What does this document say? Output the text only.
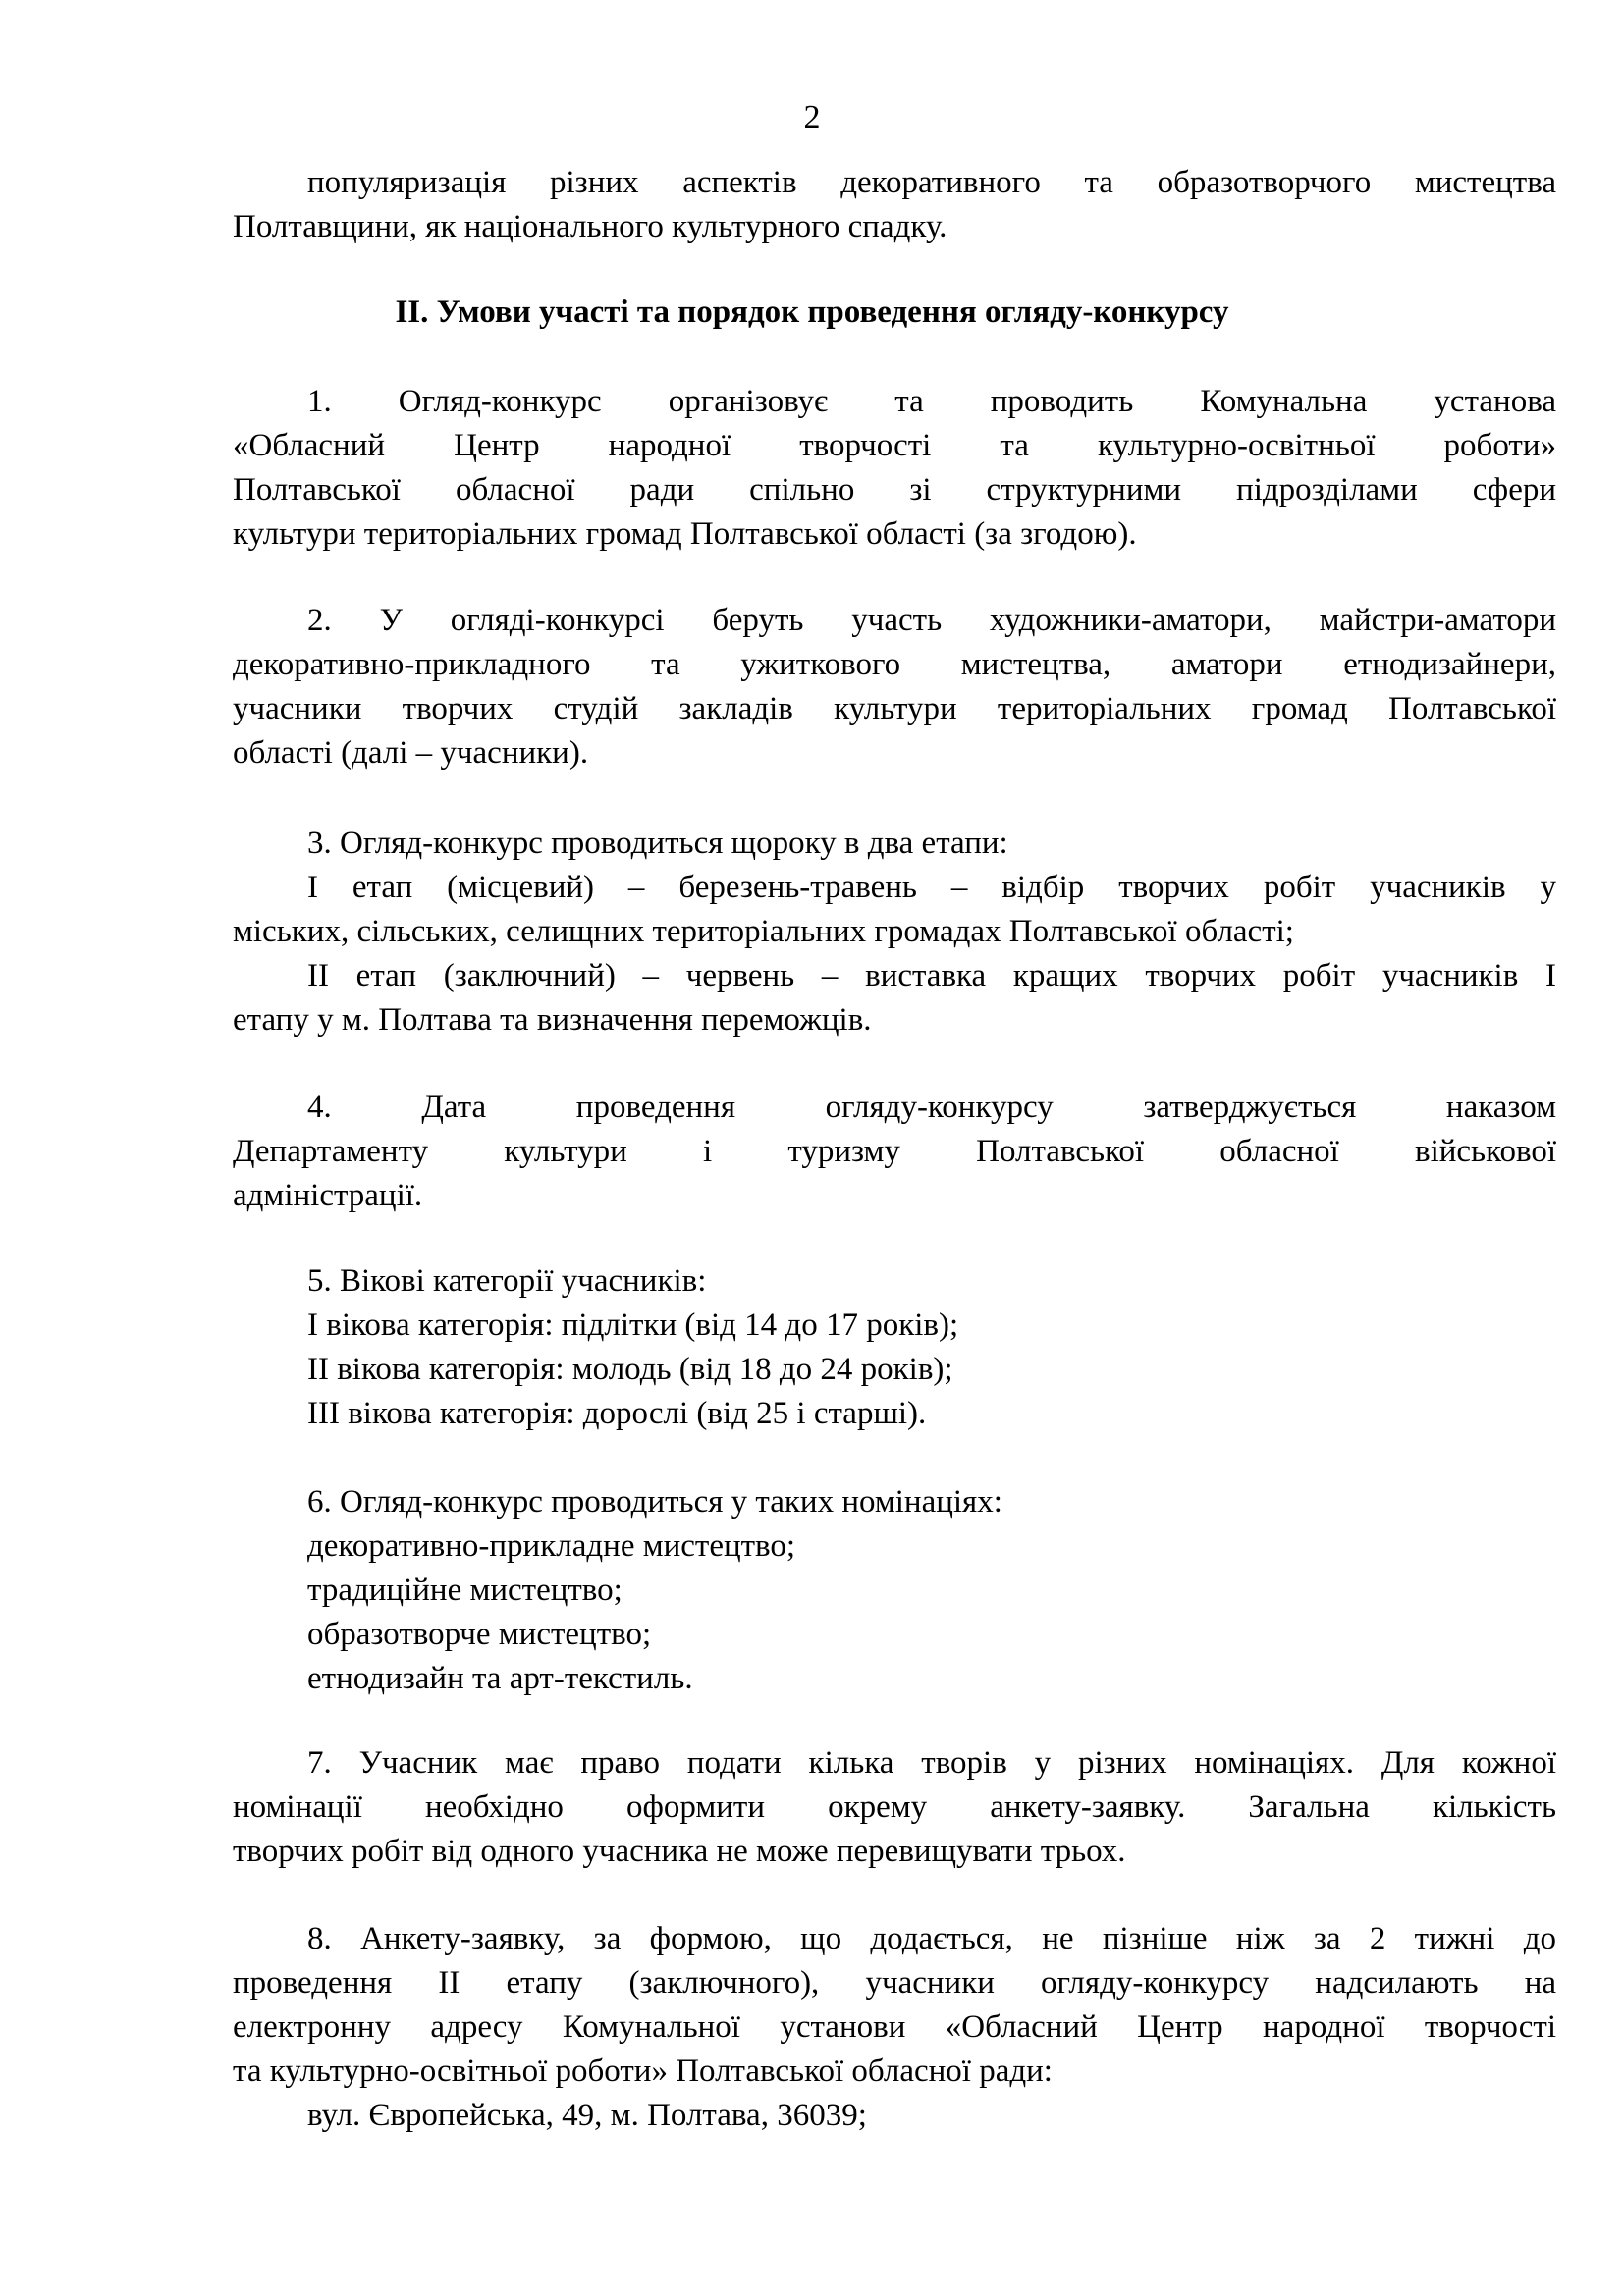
2
популяризація різних аспектів декоративного та образотворчого мистецтва
Полтавщини, як національного культурного спадку.
ІІ. Умови участі та порядок проведення огляду-конкурсу
1. Огляд-конкурс організовує та проводить Комунальна установа
«Обласний Центр народної творчості та культурно-освітньої роботи»
Полтавської обласної ради спільно зі структурними підрозділами сфери
культури територіальних громад Полтавської області (за згодою).
2. У огляді-конкурсі беруть участь художники-аматори, майстри-аматори
декоративно-прикладного та ужиткового мистецтва, аматори етнодизайнери,
учасники творчих студій закладів культури територіальних громад Полтавської
області (далі – учасники).
3. Огляд-конкурс проводиться щороку в два етапи:
І етап (місцевий) – березень-травень – відбір творчих робіт учасників у
міських, сільських, селищних територіальних громадах Полтавської області;
ІІ етап (заключний) – червень – виставка кращих творчих робіт учасників І
етапу у м. Полтава та визначення переможців.
4. Дата проведення огляду-конкурсу затверджується наказом
Департаменту культури і туризму Полтавської обласної військової
адміністрації.
5. Вікові категорії учасників:
І вікова категорія: підлітки (від 14 до 17 років);
ІІ вікова категорія: молодь (від 18 до 24 років);
ІІІ вікова категорія: дорослі (від 25 і старші).
6. Огляд-конкурс проводиться у таких номінаціях:
декоративно-прикладне мистецтво;
традиційне мистецтво;
образотворче мистецтво;
етнодизайн та арт-текстиль.
7. Учасник має право подати кілька творів у різних номінаціях. Для кожної
номінації необхідно оформити окрему анкету-заявку. Загальна кількість
творчих робіт від одного учасника не може перевищувати трьох.
8. Анкету-заявку, за формою, що додається, не пізніше ніж за 2 тижні до
проведення ІІ етапу (заключного), учасники огляду-конкурсу надсилають на
електронну адресу Комунальної установи «Обласний Центр народної творчості
та культурно-освітньої роботи» Полтавської обласної ради:
вул. Європейська, 49, м. Полтава, 36039;
